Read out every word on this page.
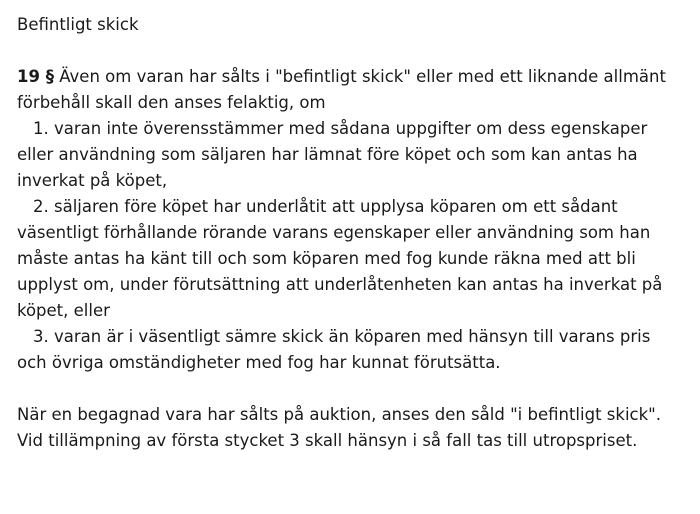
Befintligt skick

19 § Även om varan har sålts i "befintligt skick" eller med ett liknande allmänt förbehåll skall den anses felaktig, om

1. varan inte överensstämmer med sådana uppgifter om dess egenskaper eller användning som säljaren har lämnat före köpet och som kan antas ha inverkat på köpet,

2. säljaren före köpet har underlåtit att upplysa köparen om ett sådant väsentligt förhållande rörande varans egenskaper eller användning som han måste antas ha känt till och som köparen med fog kunde räkna med att bli upplyst om, under förutsättning att underlåtenheten kan antas ha inverkat på köpet, eller

3. varan är i väsentligt sämre skick än köparen med hänsyn till varans pris och övriga omständigheter med fog har kunnat förutsätta.

När en begagnad vara har sålts på auktion, anses den såld "i befintligt skick". Vid tillämpning av första stycket 3 skall hänsyn i så fall tas till utropspriset.
